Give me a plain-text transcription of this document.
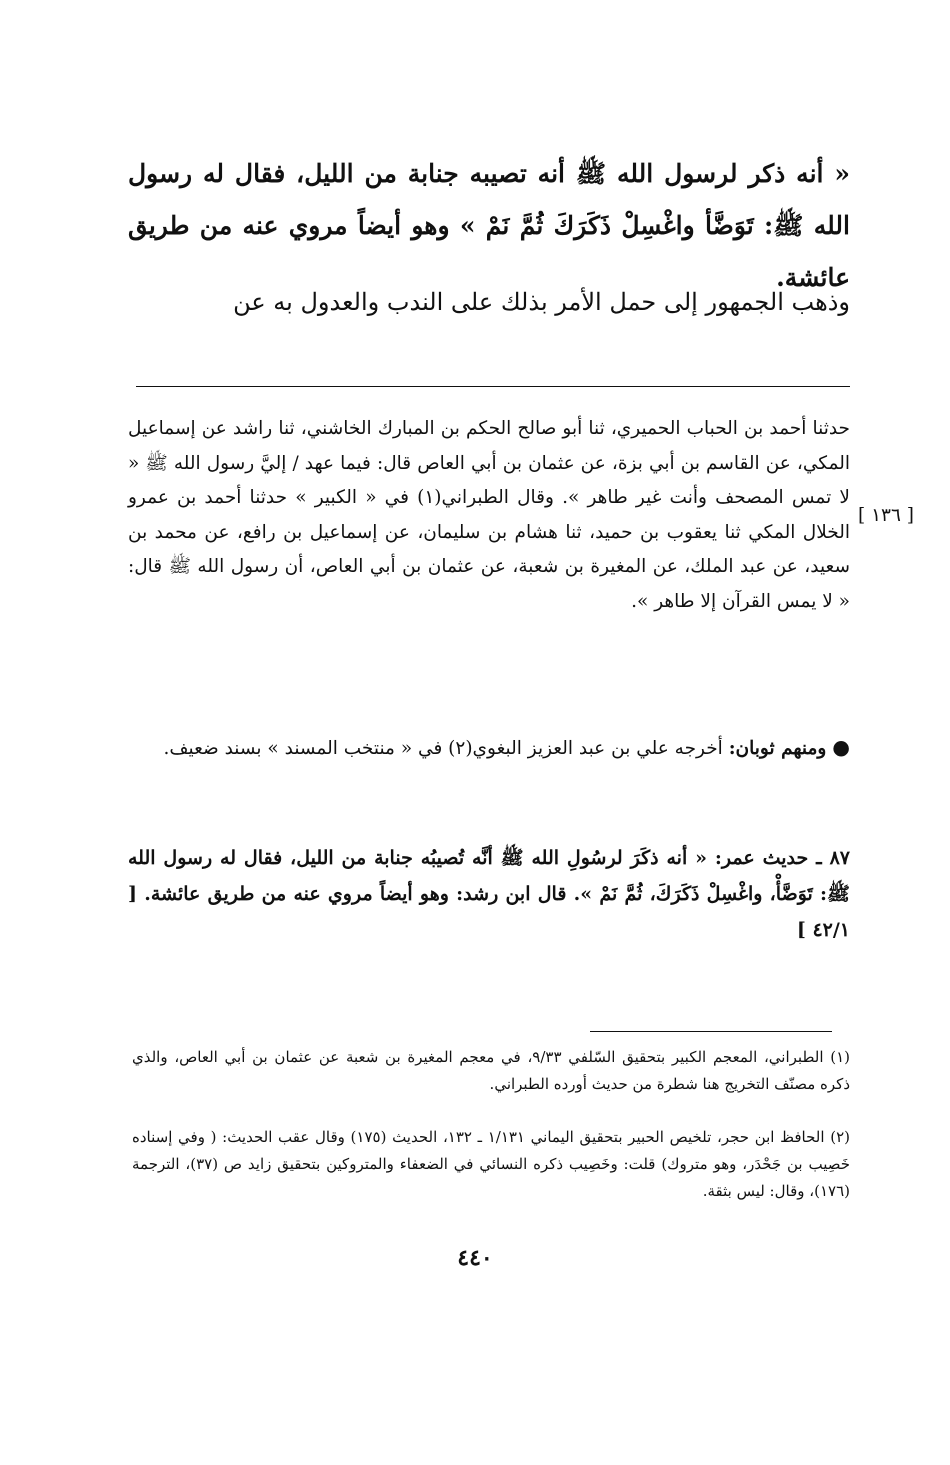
« أنه ذكر لرسول الله ﷺ أنه تصيبه جنابة من الليل، فقال له رسول الله ﷺ: تَوَضَّأ واغْسِلْ ذَكَرَكَ ثُمَّ نَمْ » وهو أيضاً مروي عنه من طريق عائشة.
وذهب الجمهور إلى حمل الأمر بذلك على الندب والعدول به عن
[ ١٣٦ ]
حدثنا أحمد بن الحباب الحميري، ثنا أبو صالح الحكم بن المبارك الخاشني، ثنا راشد عن إسماعيل المكي، عن القاسم بن أبي بزة، عن عثمان بن أبي العاص قال: فيما عهد / إليَّ رسول الله ﷺ « لا تمس المصحف وأنت غير طاهر ». وقال الطبراني(١) في « الكبير » حدثنا أحمد بن عمرو الخلال المكي ثنا يعقوب بن حميد، ثنا هشام بن سليمان، عن إسماعيل بن رافع، عن محمد بن سعيد، عن عبد الملك، عن المغيرة بن شعبة، عن عثمان بن أبي العاص، أن رسول الله ﷺ قال: « لا يمس القرآن إلا طاهر ».
● ومنهم ثوبان: أخرجه علي بن عبد العزيز البغوي(٢) في « منتخب المسند » بسند ضعيف.
٨٧ ـ حديث عمر: « أنه ذكَرَ لرسُولِ الله ﷺ أنَّه تُصيبُه جنابة من الليل، فقال له رسول الله ﷺ: تَوَضَّأْ، واغْسِلْ ذَكَرَكَ، ثُمَّ نَمْ ». قال ابن رشد: وهو أيضاً مروي عنه من طريق عائشة. [ ٤٢/١ ]
(١) الطبراني، المعجم الكبير بتحقيق السّلفي ٩/٣٣، في معجم المغيرة بن شعبة عن عثمان بن أبي العاص، والذي ذكره مصنّف التخريج هنا شطرة من حديث أورده الطبراني.
(٢) الحافظ ابن حجر، تلخيص الحبير بتحقيق اليماني ١/١٣١ ـ ١٣٢، الحديث (١٧٥) وقال عقب الحديث: ( وفي إسناده خَصِيب بن جَحْدَر، وهو متروك) قلت: وخَصِيب ذكره النسائي في الضعفاء والمتروكين بتحقيق زايد ص (٣٧)، الترجمة (١٧٦)، وقال: ليس بثقة.
٤٤٠
